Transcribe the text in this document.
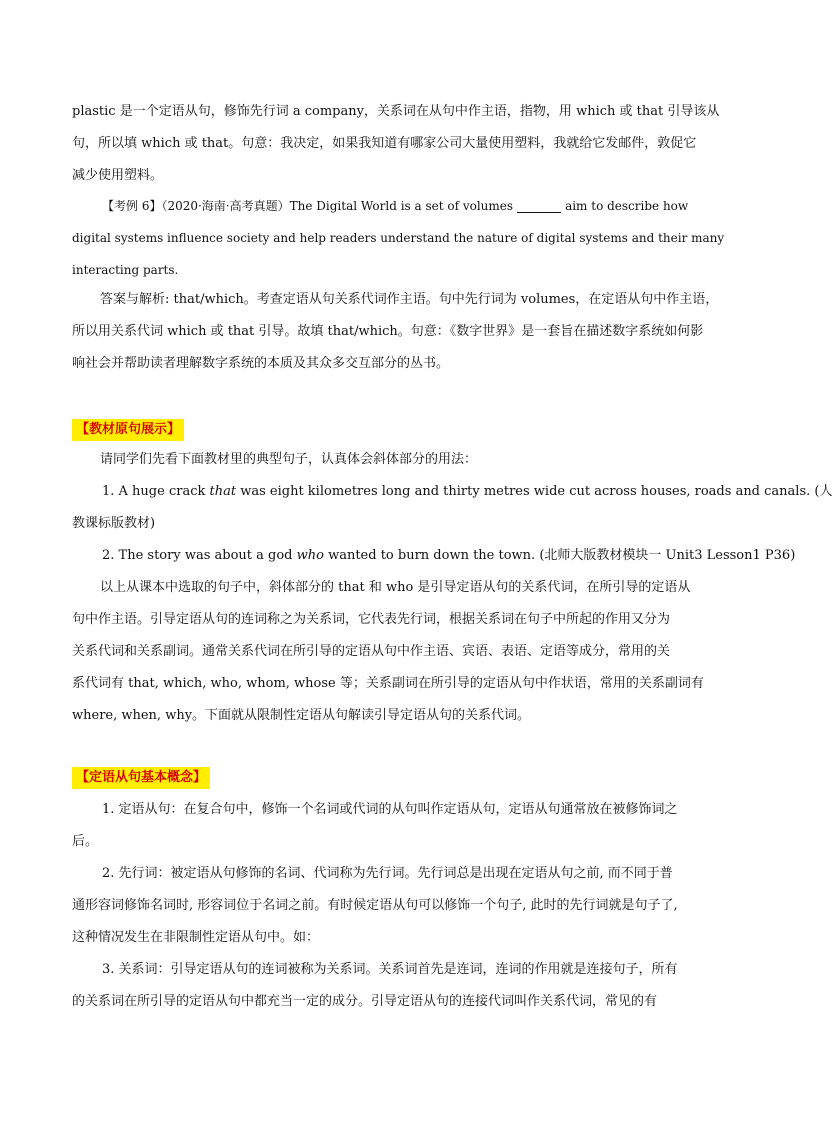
plastic 是一个定语从句，修饰先行词 a company，关系词在从句中作主语，指物，用 which 或 that 引导该从
句，所以填 which 或 that。句意：我决定，如果我知道有哪家公司大量使用塑料，我就给它发邮件，敦促它
减少使用塑料。
【考例 6】（2020·海南·高考真题）The Digital World is a set of volumes	aim to describe how
digital systems influence society and help readers understand the nature of digital systems and their many
interacting parts.
答案与解析: that/which。考查定语从句关系代词作主语。句中先行词为 volumes，在定语从句中作主语，
所以用关系代词 which 或 that 引导。故填 that/which。句意：《数字世界》是一套旨在描述数字系统如何影
响社会并帮助读者理解数字系统的本质及其众多交互部分的丛书。
【教材原句展示】
请同学们先看下面教材里的典型句子，认真体会斜体部分的用法：
1. A huge crack that was eight kilometres long and thirty metres wide cut across houses, roads and canals. (人
教课标版教材)
2. The story was about a god who wanted to burn down the town. (北师大版教材模块一 Unit3 Lesson1 P36)
以上从课本中选取的句子中，斜体部分的 that 和 who 是引导定语从句的关系代词，在所引导的定语从
句中作主语。引导定语从句的连词称之为关系词，它代表先行词，根据关系词在句子中所起的作用又分为
关系代词和关系副词。通常关系代词在所引导的定语从句中作主语、宾语、表语、定语等成分，常用的关
系代词有 that, which, who, whom, whose 等；关系副词在所引导的定语从句中作状语，常用的关系副词有
where, when, why。下面就从限制性定语从句解读引导定语从句的关系代词。
【定语从句基本概念】
1. 定语从句：在复合句中，修饰一个名词或代词的从句叫作定语从句，定语从句通常放在被修饰词之
后。
2. 先行词：被定语从句修饰的名词、代词称为先行词。先行词总是出现在定语从句之前, 而不同于普
通形容词修饰名词时, 形容词位于名词之前。有时候定语从句可以修饰一个句子, 此时的先行词就是句子了,
这种情况发生在非限制性定语从句中。如：
3. 关系词：引导定语从句的连词被称为关系词。关系词首先是连词，连词的作用就是连接句子，所有
的关系词在所引导的定语从句中都充当一定的成分。引导定语从句的连接代词叫作关系代词，常见的有
